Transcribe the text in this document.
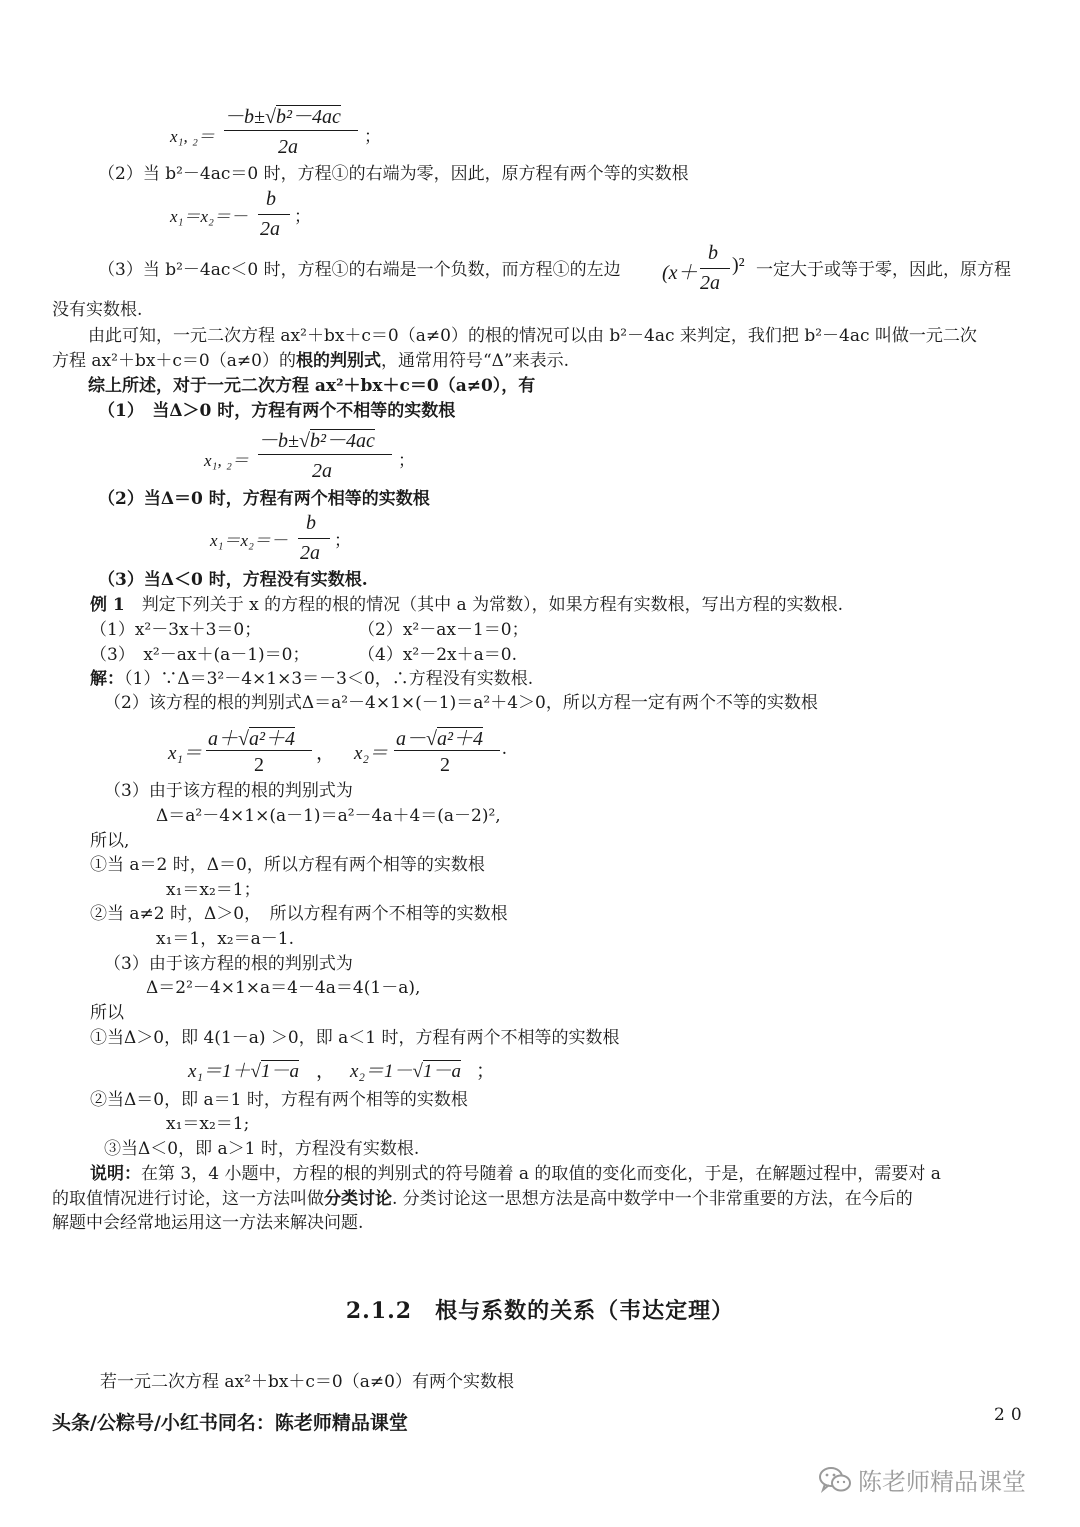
x₁, ₂＝
－b±√b²－4ac
2a	；
（2）当 b²－4ac＝0 时，方程①的右端为零，因此，原方程有两个等的实数根
x₁＝x₂＝－
b
2a
；
（3）当 b²－4ac＜0 时，方程①的右端是一个负数，而方程①的左边 (x＋
b
2a
)² 一定大于或等于零，因此，原方程
没有实数根.
由此可知，一元二次方程 ax²＋bx＋c＝0（a≠0）的根的情况可以由 b²－4ac 来判定，我们把 b²－4ac 叫做一元二次
方程 ax²＋bx＋c＝0（a≠0）的根的判别式，通常用符号“Δ”来表示.
综上所述，对于一元二次方程 ax²＋bx＋c＝0（a≠0），有
（1）　当Δ＞0 时，方程有两个不相等的实数根
x₁, ₂＝
－b±√b²－4ac
2a	；
（2）当Δ＝0 时，方程有两个相等的实数根
x₁＝x₂＝－
b
2a
；
（3）当Δ＜0 时，方程没有实数根.
例 1　 判定下列关于 x 的方程的根的情况（其中 a 为常数），如果方程有实数根，写出方程的实数根.
（1）x²－3x＋3＝0；	（2）x²－ax－1＝0；
（3）　x²－ax＋(a－1)＝0；	（4）x²－2x＋a＝0.
解：（1）∵Δ＝3²－4×1×3＝－3＜0，∴方程没有实数根.
（2）该方程的根的判别式Δ＝a²－4×1×(－1)＝a²＋4＞0，所以方程一定有两个不等的实数根
x₁＝
a＋√a²＋4
2
， x₂＝
a－√a²＋4
2
.
（3）由于该方程的根的判别式为
Δ＝a²－4×1×(a－1)＝a²－4a＋4＝(a－2)²,
所以,
①当 a＝2 时，Δ＝0，所以方程有两个相等的实数根
x₁＝x₂＝1；
②当 a≠2 时，Δ＞0，　所以方程有两个不相等的实数根
x₁＝1，x₂＝a－1.
（3）由于该方程的根的判别式为
Δ＝2²－4×1×a＝4－4a＝4(1－a),
所以
①当Δ＞0，即 4(1－a) ＞0，即 a＜1 时，方程有两个不相等的实数根
x₁＝1＋√1－a ， x₂＝1－√1－a ；
②当Δ＝0，即 a＝1 时，方程有两个相等的实数根
x₁＝x₂＝1;
③当Δ＜0，即 a＞1 时，方程没有实数根.
说明：在第 3，4 小题中，方程的根的判别式的符号随着 a 的取值的变化而变化，于是，在解题过程中，需要对 a
的取值情况进行讨论，这一方法叫做分类讨论. 分类讨论这一思想方法是高中数学中一个非常重要的方法，在今后的
解题中会经常地运用这一方法来解决问题.
2.1.2　根与系数的关系（韦达定理）
若一元二次方程 ax²＋bx＋c＝0（a≠0）有两个实数根
头条/公粽号/小红书同名：陈老师精品课堂	20
陈老师精品课堂
